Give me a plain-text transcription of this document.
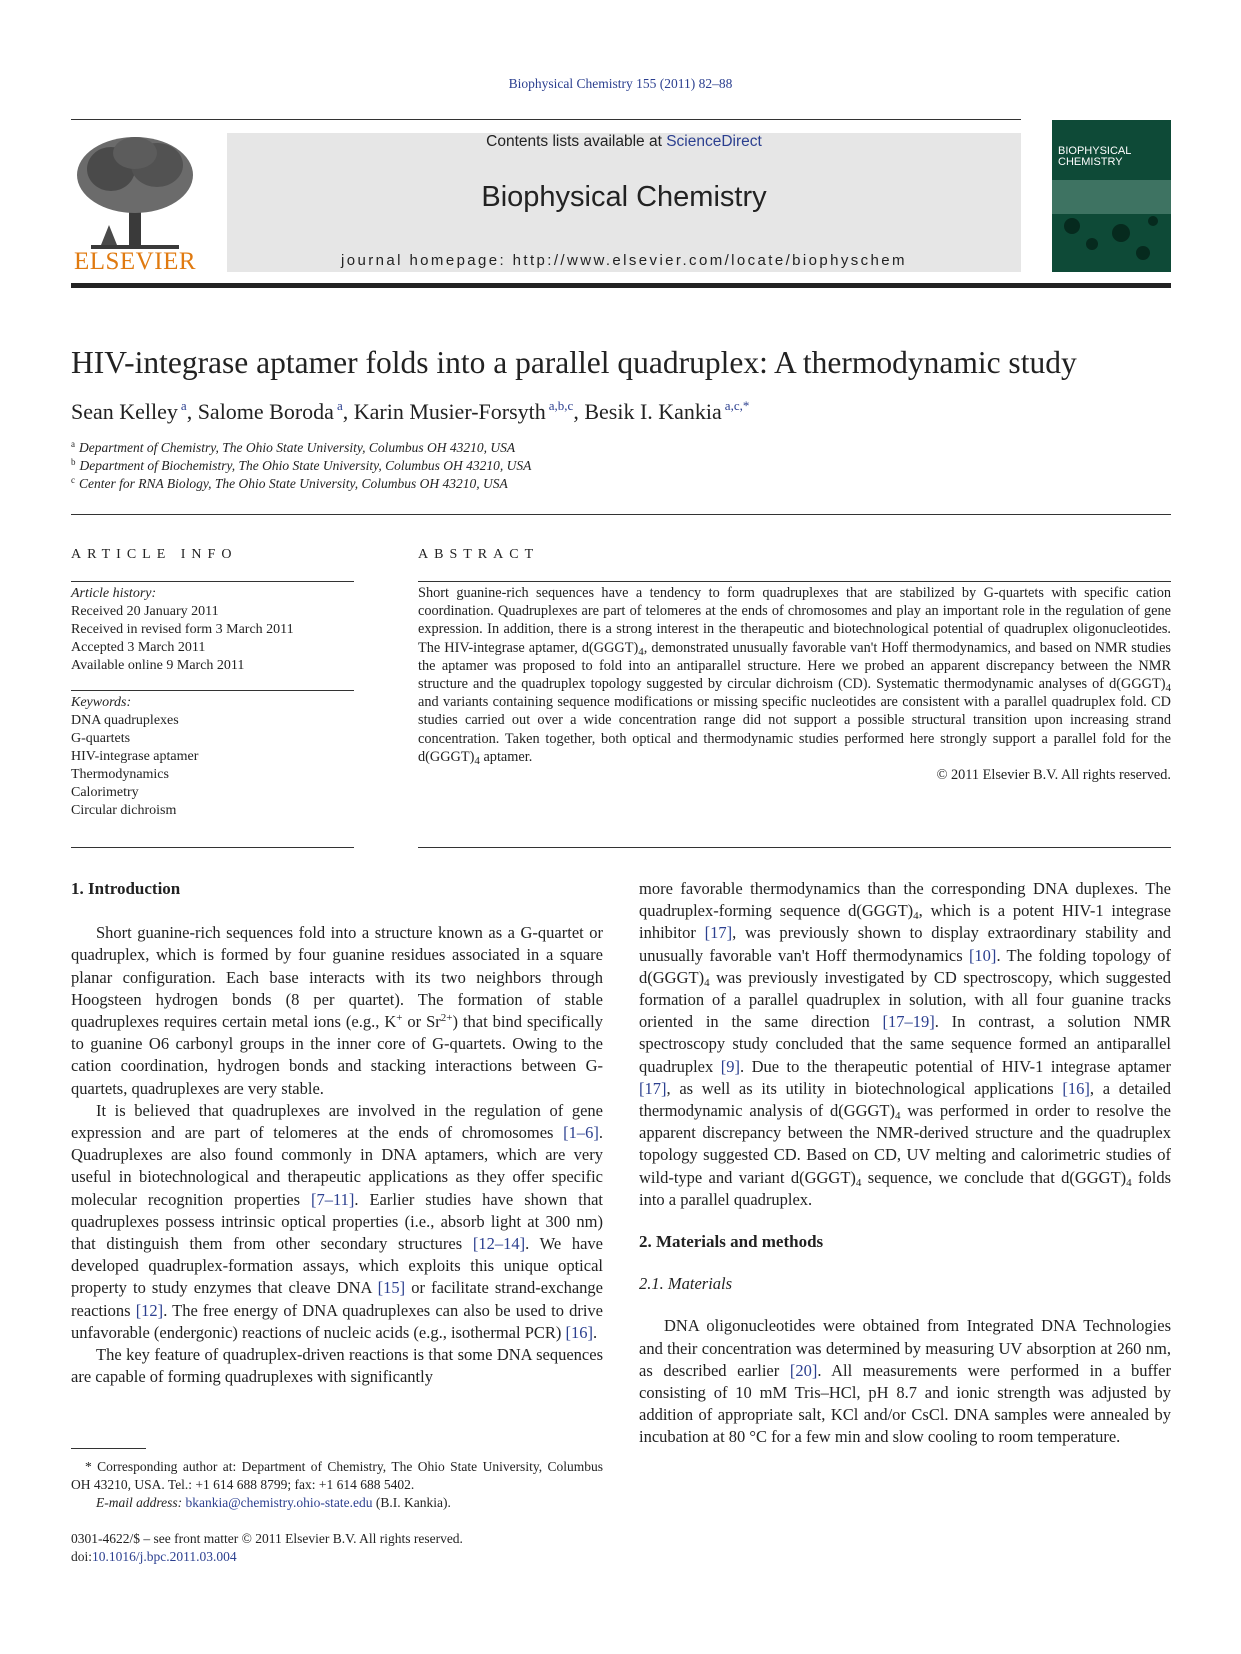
Biophysical Chemistry 155 (2011) 82–88
ELSEVIER
Contents lists available at ScienceDirect
Biophysical Chemistry
journal homepage: http://www.elsevier.com/locate/biophyschem
BIOPHYSICAL
CHEMISTRY
HIV-integrase aptamer folds into a parallel quadruplex: A thermodynamic study
Sean Kelley $^a$, Salome Boroda $^a$, Karin Musier-Forsyth $^{a,b,c}$, Besik I. Kankia $^{a,c,*}$
$^a$ Department of Chemistry, The Ohio State University, Columbus OH 43210, USA
$^b$ Department of Biochemistry, The Ohio State University, Columbus OH 43210, USA
$^c$ Center for RNA Biology, The Ohio State University, Columbus OH 43210, USA
ARTICLE INFO
Article history:
Received 20 January 2011
Received in revised form 3 March 2011
Accepted 3 March 2011
Available online 9 March 2011
Keywords:
DNA quadruplexes
G-quartets
HIV-integrase aptamer
Thermodynamics
Calorimetry
Circular dichroism
ABSTRACT
Short guanine-rich sequences have a tendency to form quadruplexes that are stabilized by G-quartets with specific cation coordination. Quadruplexes are part of telomeres at the ends of chromosomes and play an important role in the regulation of gene expression. In addition, there is a strong interest in the therapeutic and biotechnological potential of quadruplex oligonucleotides. The HIV-integrase aptamer, $d(GGGT)_4$, demonstrated unusually favorable van't Hoff thermodynamics, and based on NMR studies the aptamer was proposed to fold into an antiparallel structure. Here we probed an apparent discrepancy between the NMR structure and the quadruplex topology suggested by circular dichroism (CD). Systematic thermodynamic analyses of $d(GGGT)_4$ and variants containing sequence modifications or missing specific nucleotides are consistent with a parallel quadruplex fold. CD studies carried out over a wide concentration range did not support a possible structural transition upon increasing strand concentration. Taken together, both optical and thermodynamic studies performed here strongly support a parallel fold for the $d(GGGT)_4$ aptamer.
© 2011 Elsevier B.V. All rights reserved.
1. Introduction

Short guanine-rich sequences fold into a structure known as a G-quartet or quadruplex, which is formed by four guanine residues associated in a square planar configuration. Each base interacts with its two neighbors through Hoogsteen hydrogen bonds (8 per quartet). The formation of stable quadruplexes requires certain metal ions (e.g., K+ or $Sr^{2+}$) that bind specifically to guanine O6 carbonyl groups in the inner core of G-quartets. Owing to the cation coordination, hydrogen bonds and stacking interactions between G-quartets, quadruplexes are very stable.

It is believed that quadruplexes are involved in the regulation of gene expression and are part of telomeres at the ends of chromosomes [1–6]. Quadruplexes are also found commonly in DNA aptamers, which are very useful in biotechnological and therapeutic applications as they offer specific molecular recognition properties [7–11]. Earlier studies have shown that quadruplexes possess intrinsic optical properties (i.e., absorb light at 300 nm) that distinguish them from other secondary structures [12–14]. We have developed quadruplex-formation assays, which exploits this unique optical property to study enzymes that cleave DNA [15] or facilitate strand-exchange reactions [12]. The free energy of DNA quadruplexes can also be used to drive unfavorable (endergonic) reactions of nucleic acids (e.g., isothermal PCR) [16].

The key feature of quadruplex-driven reactions is that some DNA sequences are capable of forming quadruplexes with significantly

* Corresponding author at: Department of Chemistry, The Ohio State University, Columbus OH 43210, USA. Tel.: +1 614 688 8799; fax: +1 614 688 5402.
E-mail address: bkankia@chemistry.ohio-state.edu (B.I. Kankia).
0301-4622/$ – see front matter © 2011 Elsevier B.V. All rights reserved.
doi:10.1016/j.bpc.2011.03.004

more favorable thermodynamics than the corresponding DNA duplexes. The quadruplex-forming sequence $d(GGGT)_4$, which is a potent HIV-1 integrase inhibitor [17], was previously shown to display extraordinary stability and unusually favorable van't Hoff thermodynamics [10]. The folding topology of $d(GGGT)_4$ was previously investigated by CD spectroscopy, which suggested formation of a parallel quadruplex in solution, with all four guanine tracks oriented in the same direction [17–19]. In contrast, a solution NMR spectroscopy study concluded that the same sequence formed an antiparallel quadruplex [9]. Due to the therapeutic potential of HIV-1 integrase aptamer [17], as well as its utility in biotechnological applications [16], a detailed thermodynamic analysis of $d(GGGT)_4$ was performed in order to resolve the apparent discrepancy between the NMR-derived structure and the quadruplex topology suggested CD. Based on CD, UV melting and calorimetric studies of wild-type and variant $d(GGGT)_4$ sequence, we conclude that $d(GGGT)_4$ folds into a parallel quadruplex.

2. Materials and methods
2.1. Materials

DNA oligonucleotides were obtained from Integrated DNA Technologies and their concentration was determined by measuring UV absorption at 260 nm, as described earlier [20]. All measurements were performed in a buffer consisting of 10 mM Tris–HCl, pH 8.7 and ionic strength was adjusted by addition of appropriate salt, KCl and/or CsCl. DNA samples were annealed by incubation at 80 °C for a few min and slow cooling to room temperature.
